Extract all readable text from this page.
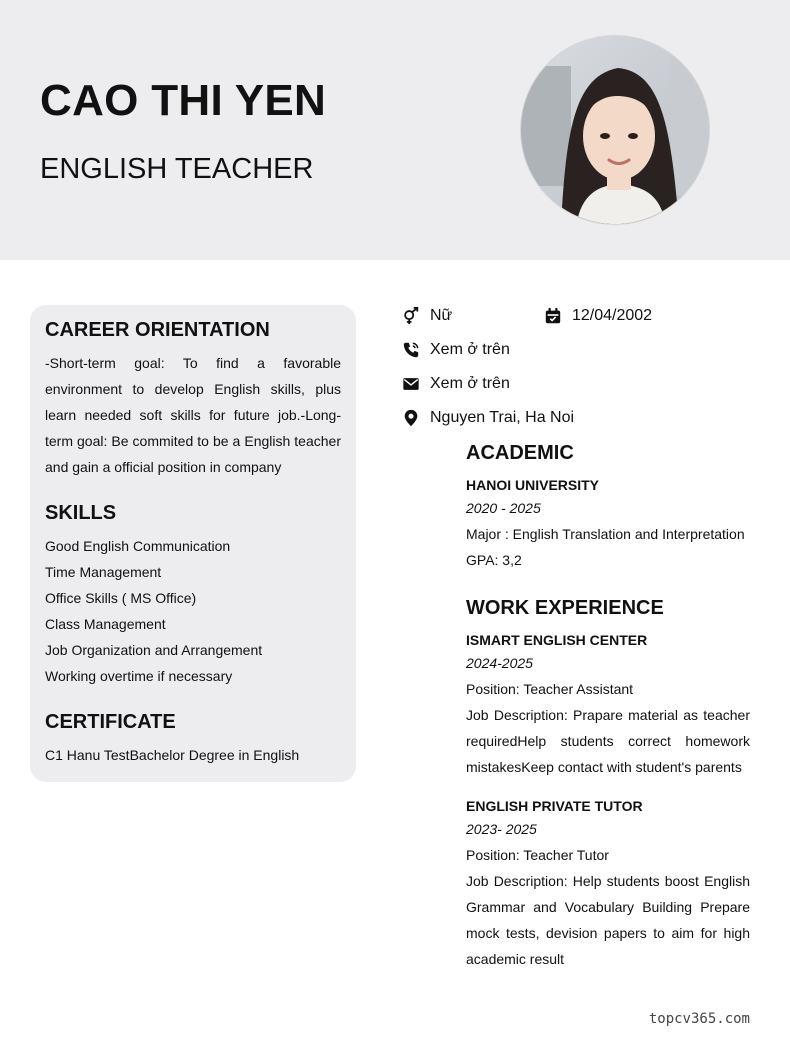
CAO THI YEN
ENGLISH TEACHER
CAREER ORIENTATION
-Short-term goal: To find a favorable environment to develop English skills, plus learn needed soft skills for future job.-Long-term goal: Be commited to be a English teacher and gain a official position in company
SKILLS
Good English Communication
Time Management
Office Skills ( MS Office)
Class Management
Job Organization and Arrangement
Working overtime if necessary
CERTIFICATE
C1 Hanu TestBachelor Degree in English
Nữ	12/04/2002
Xem ở trên
Xem ở trên
Nguyen Trai, Ha Noi
ACADEMIC
HANOI UNIVERSITY
2020 - 2025
Major : English Translation and Interpretation
GPA: 3,2
WORK EXPERIENCE
ISMART ENGLISH CENTER
2024-2025
Position: Teacher Assistant
Job Description: Prapare material as teacher requiredHelp students correct homework mistakesKeep contact with student's parents
ENGLISH PRIVATE TUTOR
2023- 2025
Position: Teacher Tutor
Job Description: Help students boost English Grammar and Vocabulary Building Prepare mock tests, devision papers to aim for high academic result
topcv365.com
